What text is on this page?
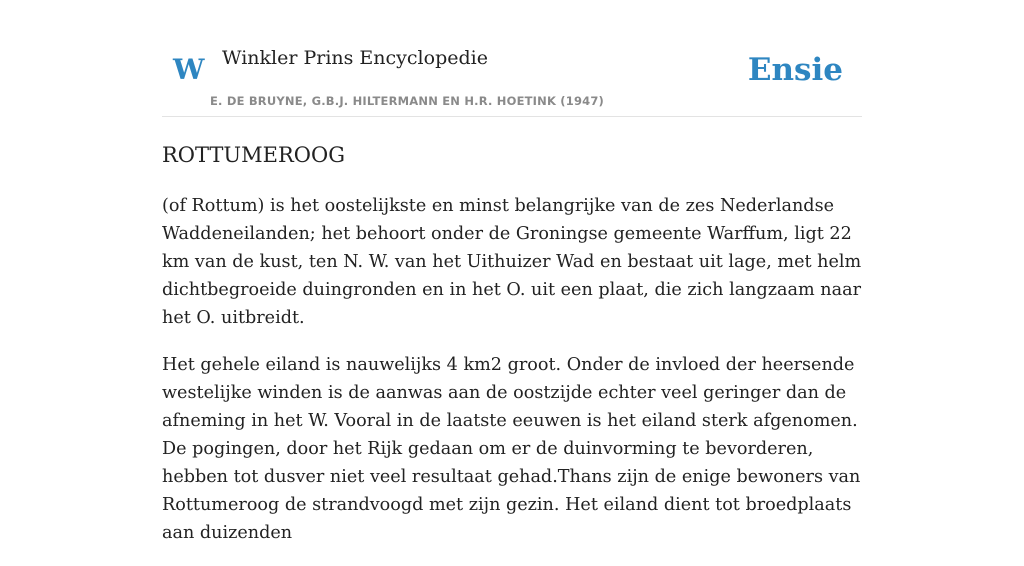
W Winkler Prins Encyclopedie
E. DE BRUYNE, G.B.J. HILTERMANN EN H.R. HOETINK (1947)
Ensie
ROTTUMEROOG

(of Rottum) is het oostelijkste en minst belangrijke van de zes Nederlandse Waddeneilanden; het behoort onder de Groningse gemeente Warffum, ligt 22 km van de kust, ten N. W. van het Uithuizer Wad en bestaat uit lage, met helm dichtbegroeide duingronden en in het O. uit een plaat, die zich langzaam naar het O. uitbreidt.

Het gehele eiland is nauwelijks 4 km2 groot. Onder de invloed der heersende westelijke winden is de aanwas aan de oostzijde echter veel geringer dan de afneming in het W. Vooral in de laatste eeuwen is het eiland sterk afgenomen. De pogingen, door het Rijk gedaan om er de duinvorming te bevorderen, hebben tot dusver niet veel resultaat gehad.Thans zijn de enige bewoners van Rottumeroog de strandvoogd met zijn gezin. Het eiland dient tot broedplaats aan duizenden
